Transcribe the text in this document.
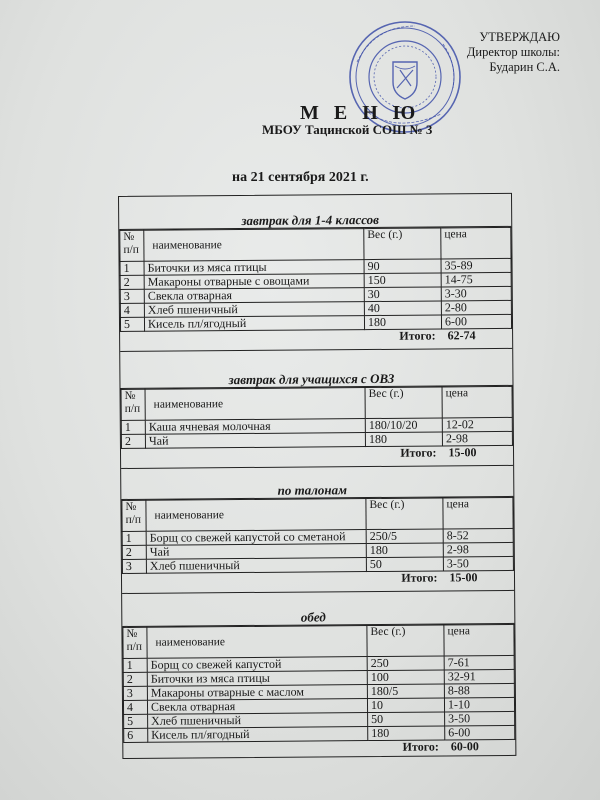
УТВЕРЖДАЮ
Директор школы:
Бударин С.А.
М Е Н Ю
МБОУ Тацинской СОШ № 3
на 21 сентября 2021 г.
завтрак для 1-4 классов
№ п/п	наименование	Вес (г.)	цена
1	Биточки из мяса птицы	90	35-89
2	Макароны отварные с овощами	150	14-75
3	Свекла отварная	30	3-30
4	Хлеб пшеничный	40	2-80
5	Кисель пл/ягодный	180	6-00
Итого:			62-74
завтрак для учащихся с ОВЗ
№ п/п	наименование	Вес (г.)	цена
1	Каша ячневая молочная	180/10/20	12-02
2	Чай	180	2-98
Итого:			15-00
по талонам
№ п/п	наименование	Вес (г.)	цена
1	Борщ со свежей капустой со сметаной	250/5	8-52
2	Чай	180	2-98
3	Хлеб пшеничный	50	3-50
Итого:			15-00
обед
№ п/п	наименование	Вес (г.)	цена
1	Борщ со свежей капустой	250	7-61
2	Биточки из мяса птицы	100	32-91
3	Макароны отварные с маслом	180/5	8-88
4	Свекла отварная	10	1-10
5	Хлеб пшеничный	50	3-50
6	Кисель пл/ягодный	180	6-00
Итого:			60-00
